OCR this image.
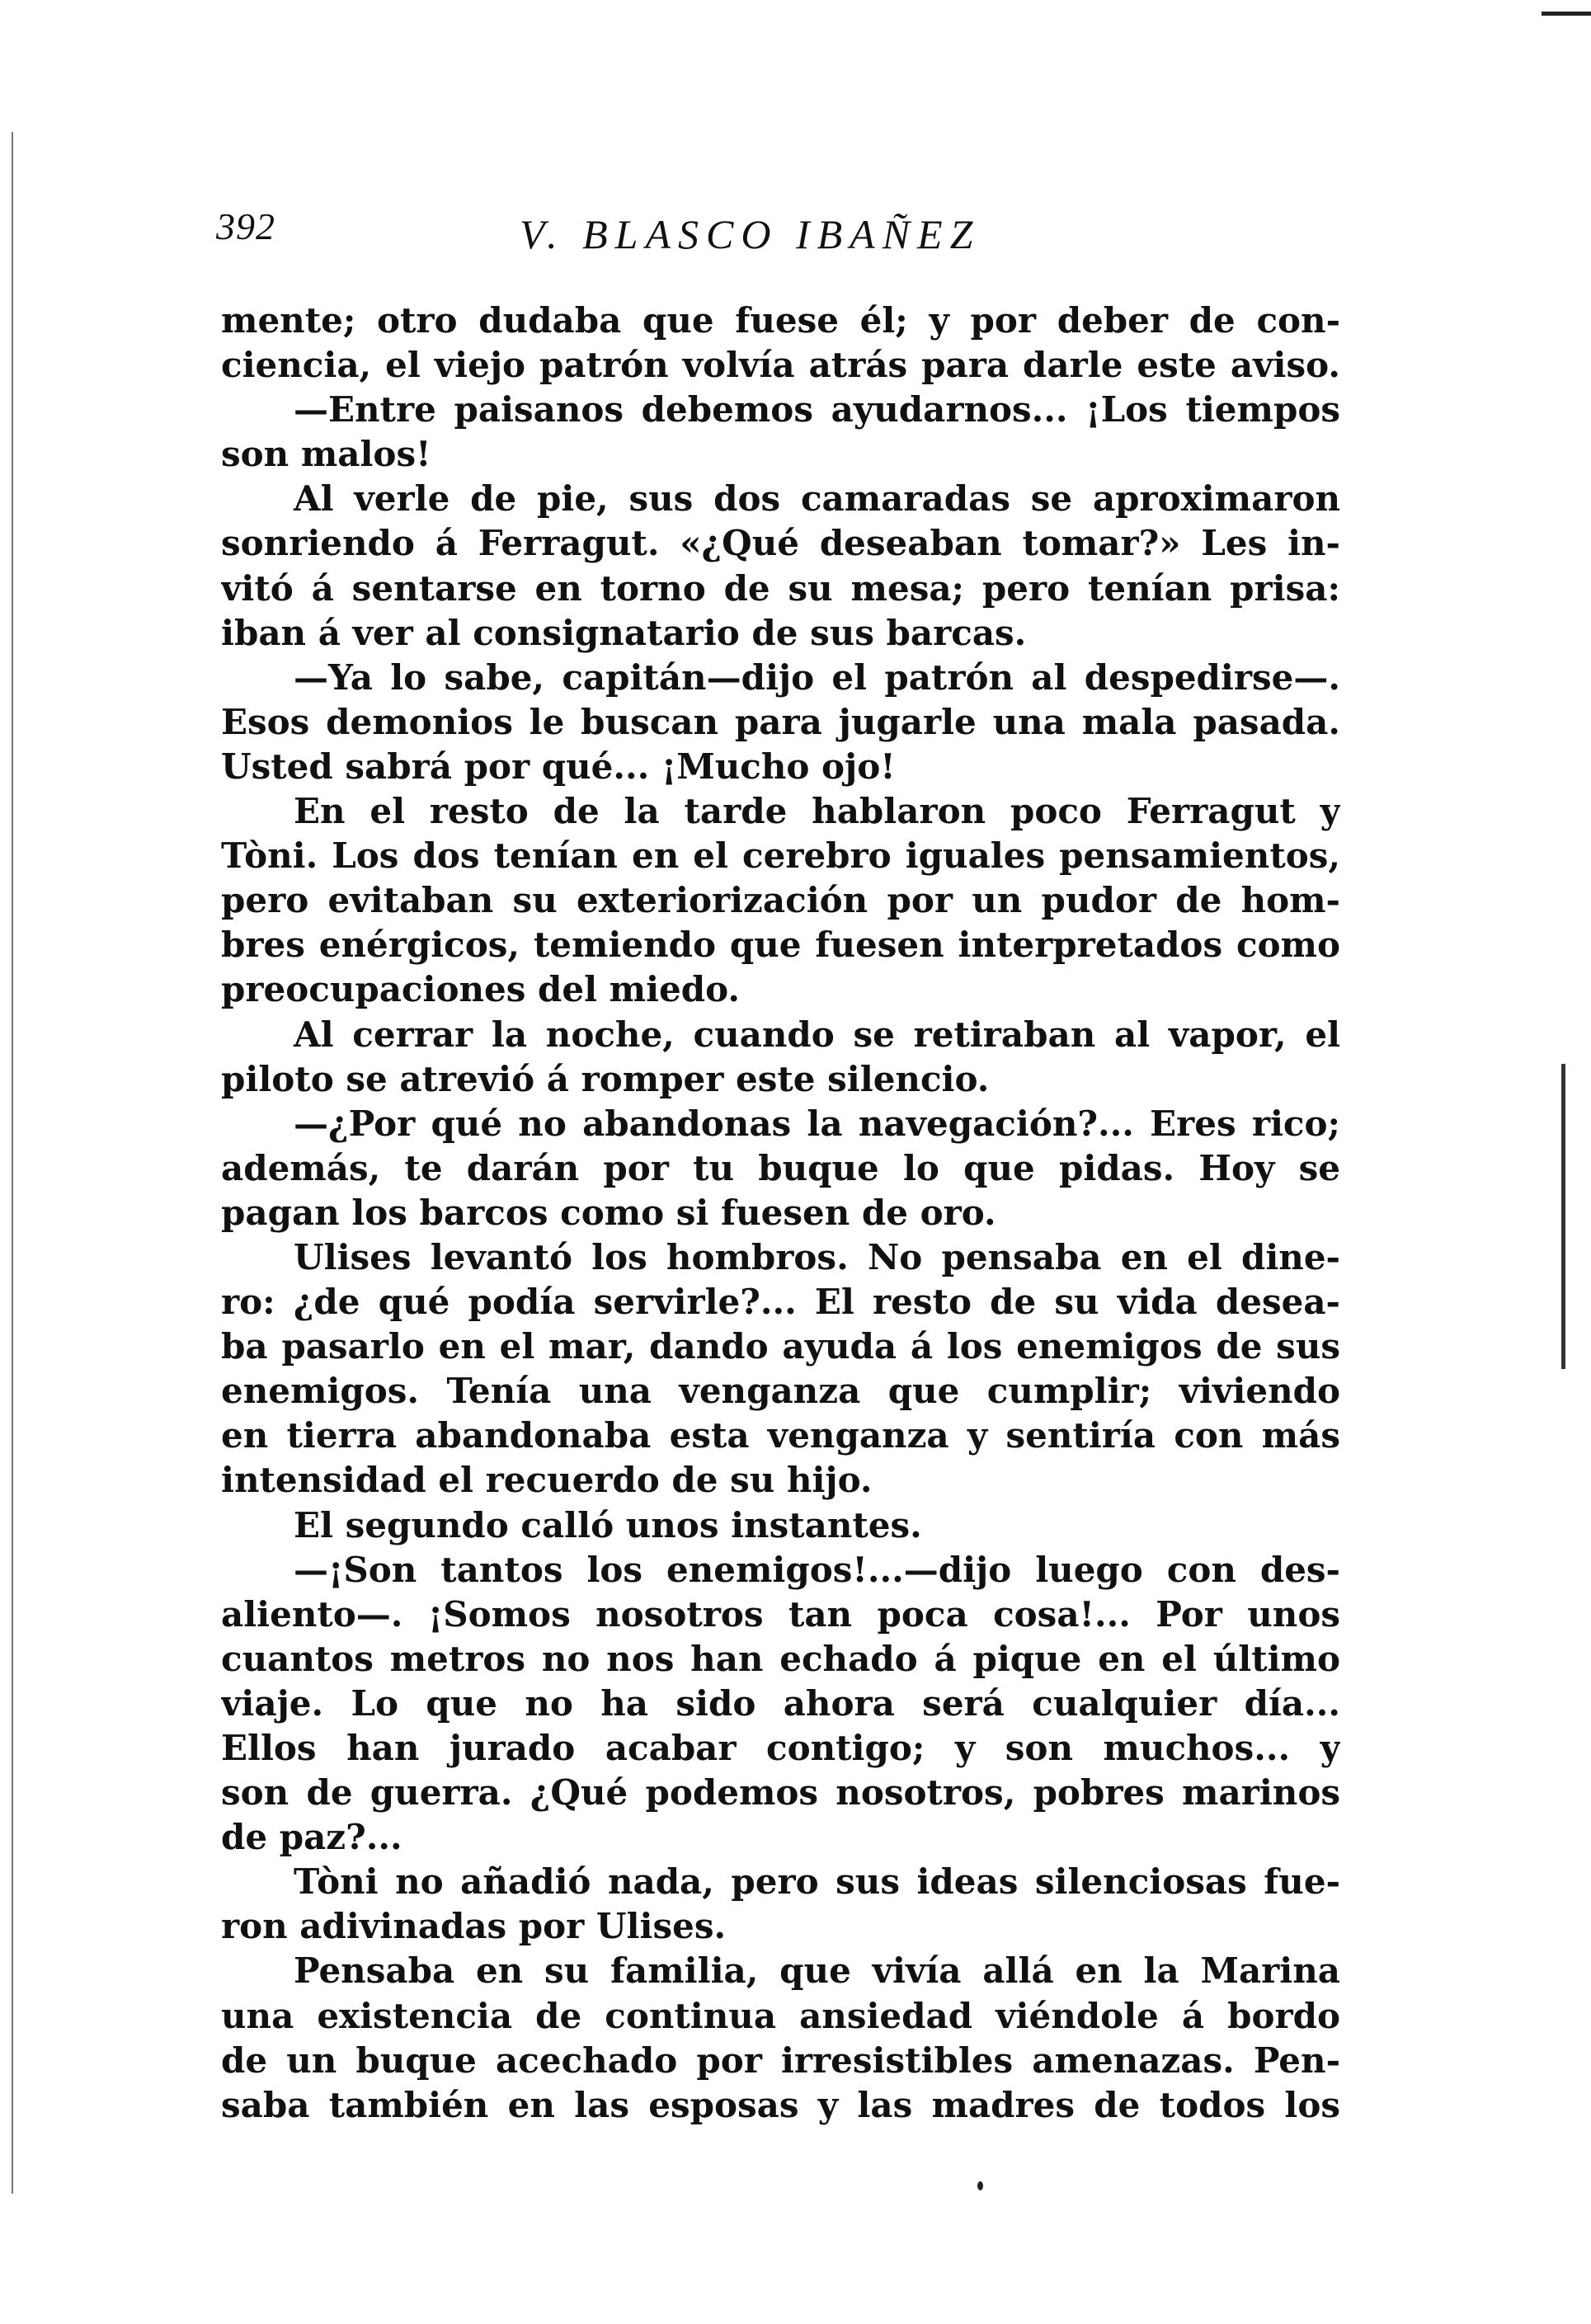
392	V. BLASCO IBAÑEZ
mente; otro dudaba que fuese él; y por deber de con-
ciencia, el viejo patrón volvía atrás para darle este aviso.
—Entre paisanos debemos ayudarnos... ¡Los tiempos
son malos!
Al verle de pie, sus dos camaradas se aproximaron
sonriendo á Ferragut. «¿Qué deseaban tomar?» Les in-
vitó á sentarse en torno de su mesa; pero tenían prisa:
iban á ver al consignatario de sus barcas.
—Ya lo sabe, capitán—dijo el patrón al despedirse—.
Esos demonios le buscan para jugarle una mala pasada.
Usted sabrá por qué... ¡Mucho ojo!
En el resto de la tarde hablaron poco Ferragut y
Tòni. Los dos tenían en el cerebro iguales pensamientos,
pero evitaban su exteriorización por un pudor de hom-
bres enérgicos, temiendo que fuesen interpretados como
preocupaciones del miedo.
Al cerrar la noche, cuando se retiraban al vapor, el
piloto se atrevió á romper este silencio.
—¿Por qué no abandonas la navegación?... Eres rico;
además, te darán por tu buque lo que pidas. Hoy se
pagan los barcos como si fuesen de oro.
Ulises levantó los hombros. No pensaba en el dine-
ro: ¿de qué podía servirle?... El resto de su vida desea-
ba pasarlo en el mar, dando ayuda á los enemigos de sus
enemigos. Tenía una venganza que cumplir; viviendo
en tierra abandonaba esta venganza y sentiría con más
intensidad el recuerdo de su hijo.
El segundo calló unos instantes.
—¡Son tantos los enemigos!...—dijo luego con des-
aliento—. ¡Somos nosotros tan poca cosa!... Por unos
cuantos metros no nos han echado á pique en el último
viaje. Lo que no ha sido ahora será cualquier día...
Ellos han jurado acabar contigo; y son muchos... y
son de guerra. ¿Qué podemos nosotros, pobres marinos
de paz?...
Tòni no añadió nada, pero sus ideas silenciosas fue-
ron adivinadas por Ulises.
Pensaba en su familia, que vivía allá en la Marina
una existencia de continua ansiedad viéndole á bordo
de un buque acechado por irresistibles amenazas. Pen-
saba también en las esposas y las madres de todos los
